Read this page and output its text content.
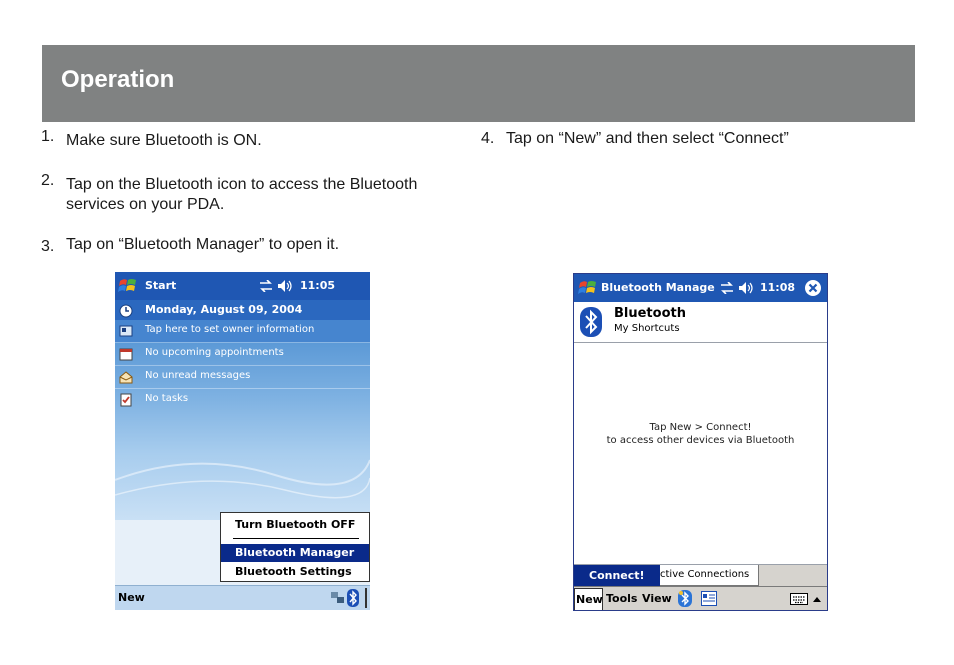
Operation
1. Make sure Bluetooth is ON.
2. Tap on the Bluetooth icon to access the Bluetooth
services on your PDA.
3. Tap on “Bluetooth Manager” to open it.
4. Tap on “New” and then select “Connect”
Start	11:05
Monday, August 09, 2004
Tap here to set owner information
No upcoming appointments
No unread messages
No tasks
Turn Bluetooth OFF
Bluetooth Manager
Bluetooth Settings
New
Bluetooth Manage	11:08
Bluetooth
My Shortcuts
Tap New > Connect!
to access other devices via Bluetooth
ctive Connections
Connect!
New Tools View
